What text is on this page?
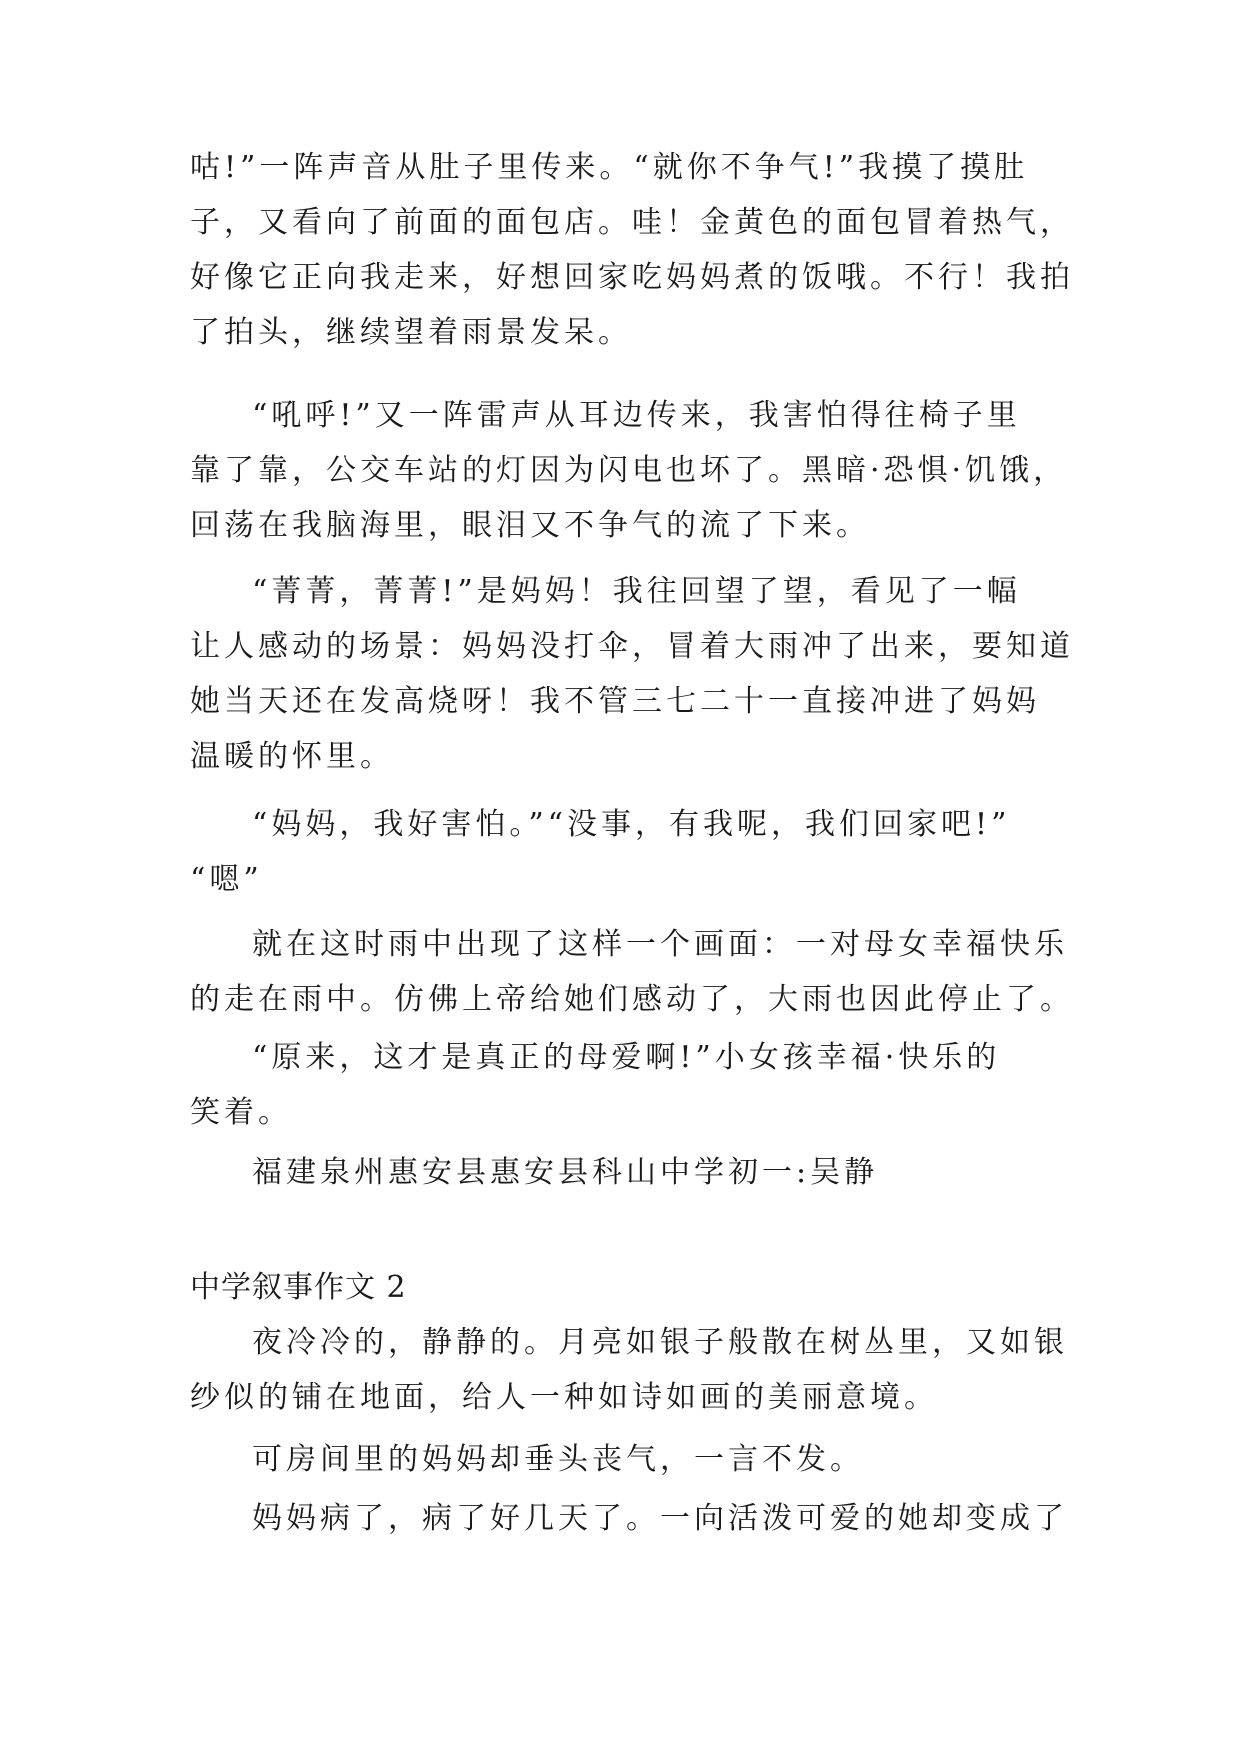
咕!”一阵声音从肚子里传来。“就你不争气!”我摸了摸肚
子，又看向了前面的面包店。哇！金黄色的面包冒着热气，
好像它正向我走来，好想回家吃妈妈煮的饭哦。不行！我拍
了拍头，继续望着雨景发呆。
“吼呼!”又一阵雷声从耳边传来，我害怕得往椅子里
靠了靠，公交车站的灯因为闪电也坏了。黑暗·恐惧·饥饿，
回荡在我脑海里，眼泪又不争气的流了下来。
“菁菁，菁菁!”是妈妈！我往回望了望，看见了一幅
让人感动的场景：妈妈没打伞，冒着大雨冲了出来，要知道
她当天还在发高烧呀！我不管三七二十一直接冲进了妈妈
温暖的怀里。
“妈妈，我好害怕。”“没事，有我呢，我们回家吧!”
“嗯”
就在这时雨中出现了这样一个画面：一对母女幸福快乐
的走在雨中。仿佛上帝给她们感动了，大雨也因此停止了。
“原来，这才是真正的母爱啊!”小女孩幸福·快乐的
笑着。
福建泉州惠安县惠安县科山中学初一:吴静
中学叙事作文 2
夜冷冷的，静静的。月亮如银子般散在树丛里，又如银
纱似的铺在地面，给人一种如诗如画的美丽意境。
可房间里的妈妈却垂头丧气，一言不发。
妈妈病了，病了好几天了。一向活泼可爱的她却变成了
